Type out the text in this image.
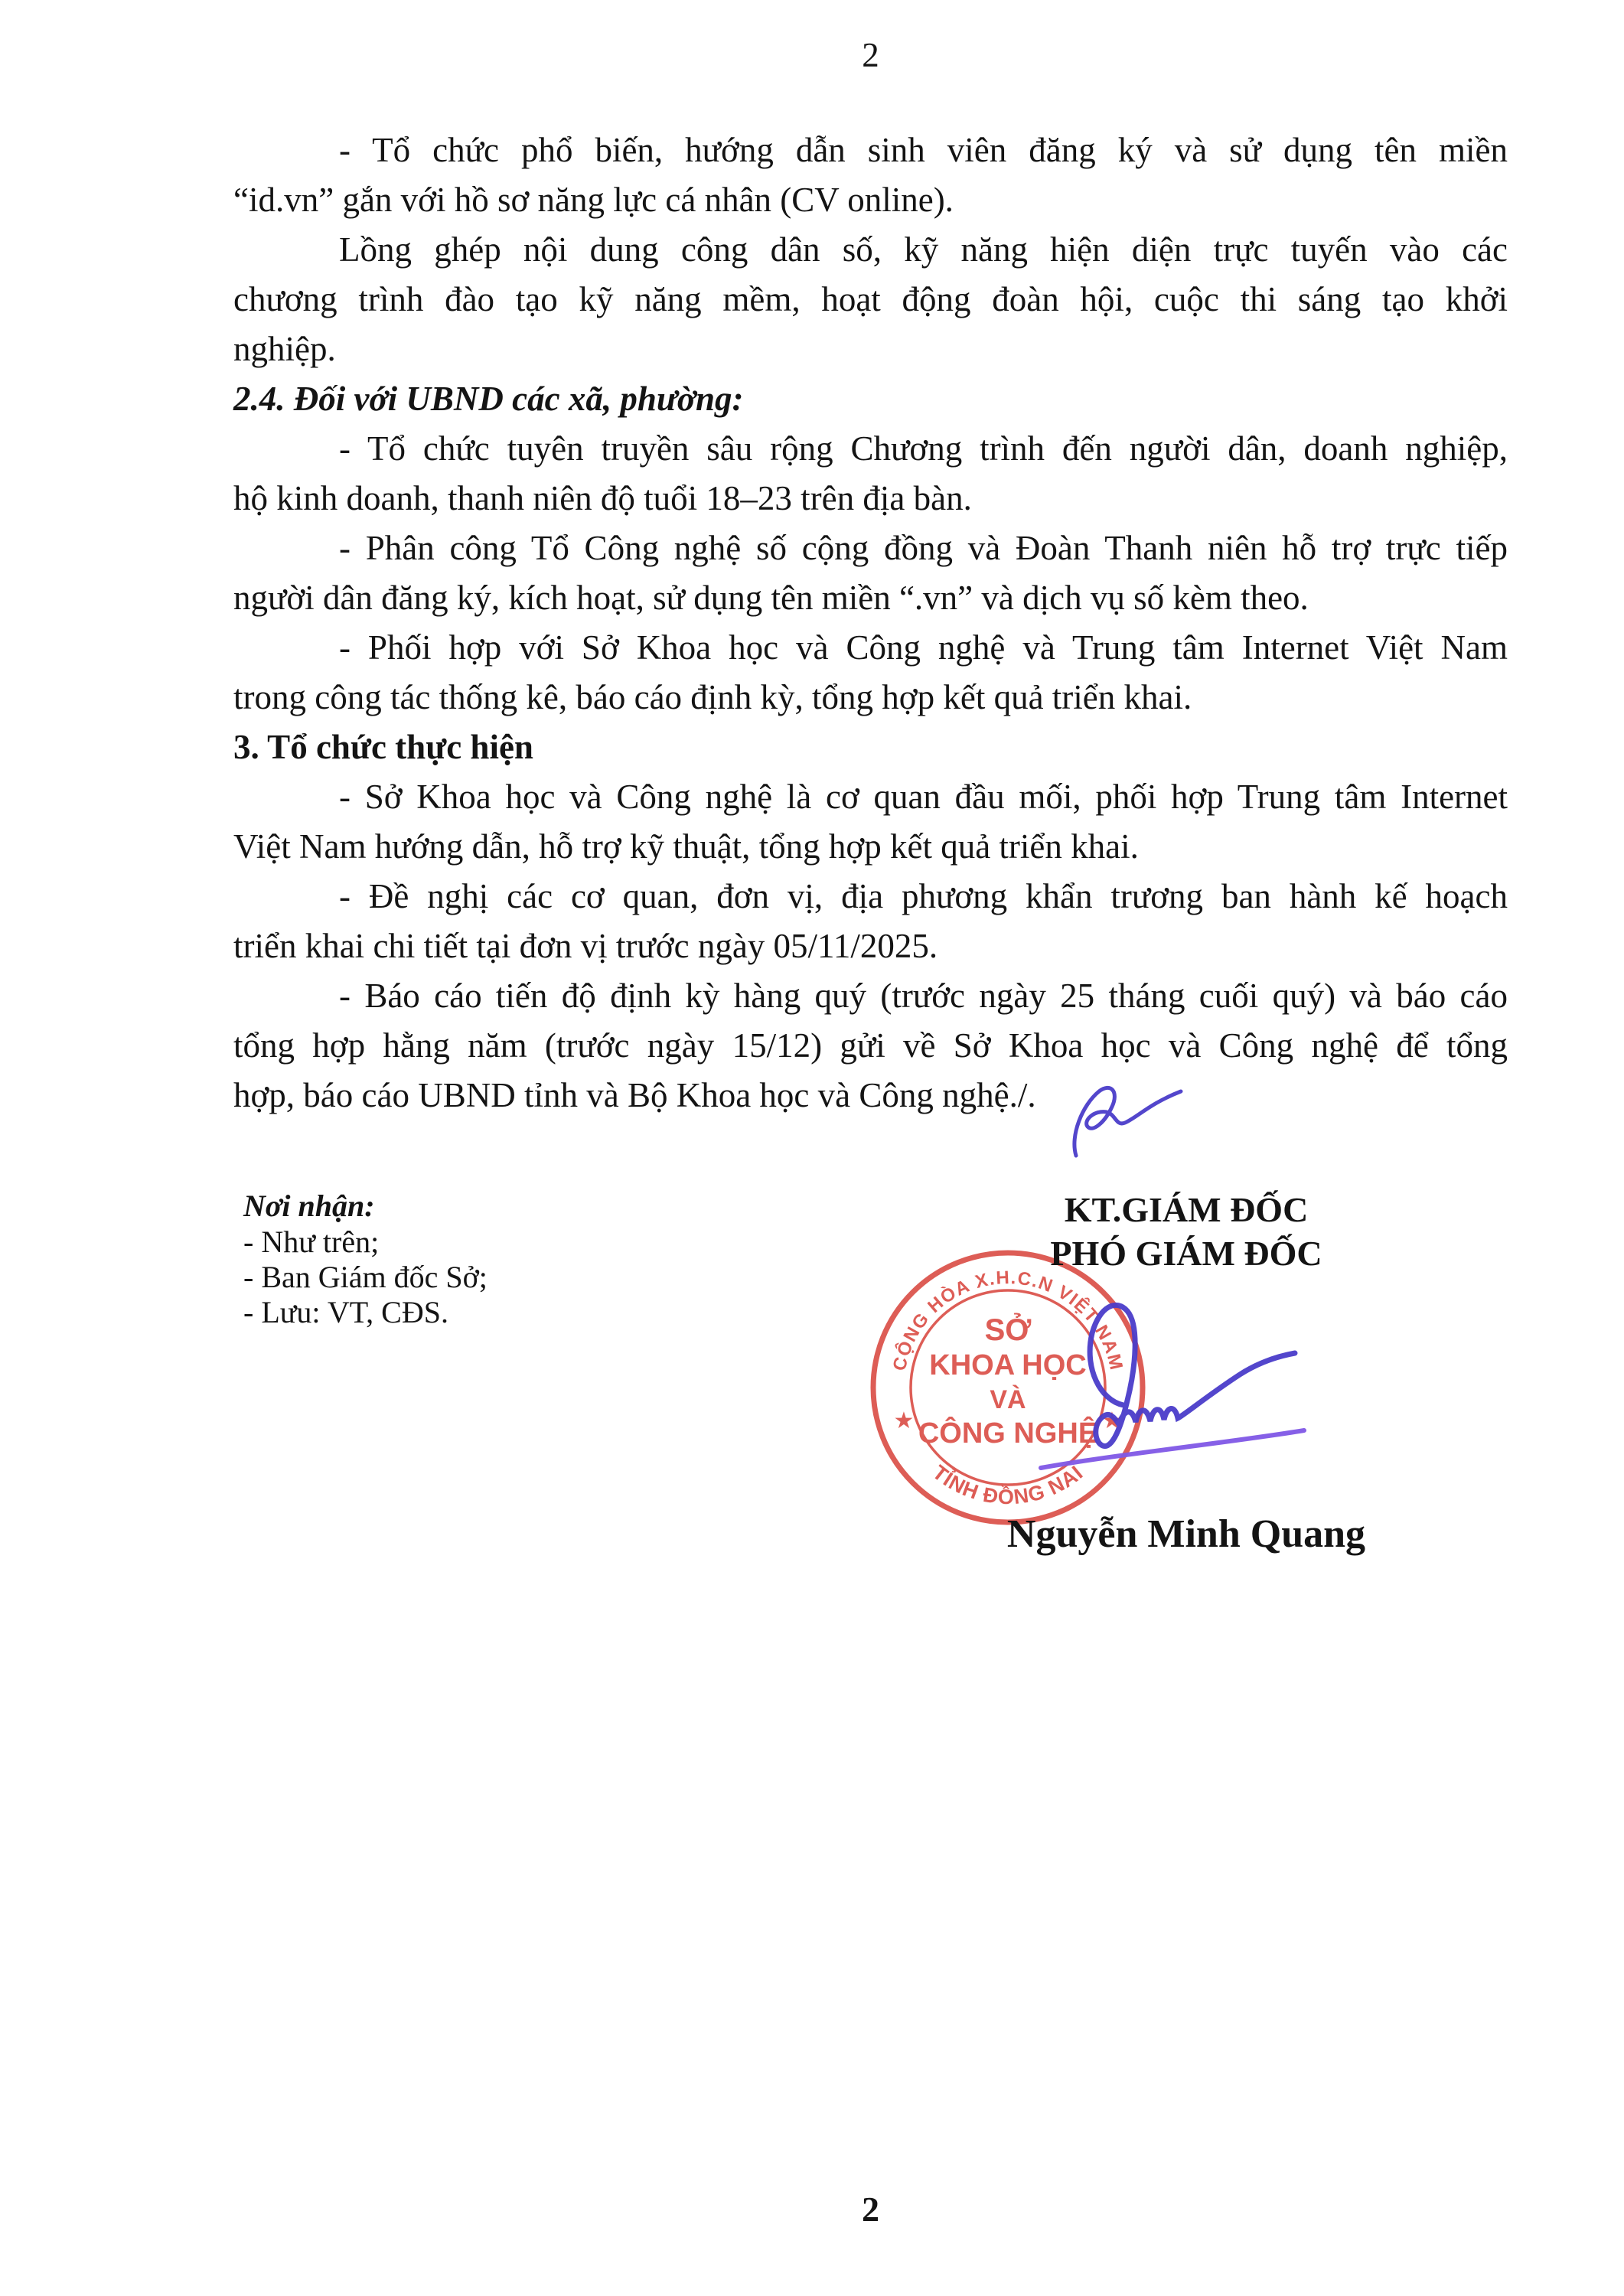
2
- Tổ chức phổ biến, hướng dẫn sinh viên đăng ký và sử dụng tên miền
“id.vn” gắn với hồ sơ năng lực cá nhân (CV online).
Lồng ghép nội dung công dân số, kỹ năng hiện diện trực tuyến vào các
chương trình đào tạo kỹ năng mềm, hoạt động đoàn hội, cuộc thi sáng tạo khởi
nghiệp.
2.4. Đối với UBND các xã, phường:
- Tổ chức tuyên truyền sâu rộng Chương trình đến người dân, doanh nghiệp,
hộ kinh doanh, thanh niên độ tuổi 18–23 trên địa bàn.
- Phân công Tổ Công nghệ số cộng đồng và Đoàn Thanh niên hỗ trợ trực tiếp
người dân đăng ký, kích hoạt, sử dụng tên miền “.vn” và dịch vụ số kèm theo.
- Phối hợp với Sở Khoa học và Công nghệ và Trung tâm Internet Việt Nam
trong công tác thống kê, báo cáo định kỳ, tổng hợp kết quả triển khai.
3. Tổ chức thực hiện
- Sở Khoa học và Công nghệ là cơ quan đầu mối, phối hợp Trung tâm Internet
Việt Nam hướng dẫn, hỗ trợ kỹ thuật, tổng hợp kết quả triển khai.
- Đề nghị các cơ quan, đơn vị, địa phương khẩn trương ban hành kế hoạch
triển khai chi tiết tại đơn vị trước ngày 05/11/2025.
- Báo cáo tiến độ định kỳ hàng quý (trước ngày 25 tháng cuối quý) và báo cáo
tổng hợp hằng năm (trước ngày 15/12) gửi về Sở Khoa học và Công nghệ để tổng
hợp, báo cáo UBND tỉnh và Bộ Khoa học và Công nghệ./.
Nơi nhận:
- Như trên;
- Ban Giám đốc Sở;
- Lưu: VT, CĐS.
KT.GIÁM ĐỐC
PHÓ GIÁM ĐỐC
CỘNG HÒA X.H.C.N VIỆT NAM
TỈNH ĐỒNG NAI
★	★
SỞ
KHOA HỌC
VÀ
CÔNG NGHỆ
Nguyễn Minh Quang
2
